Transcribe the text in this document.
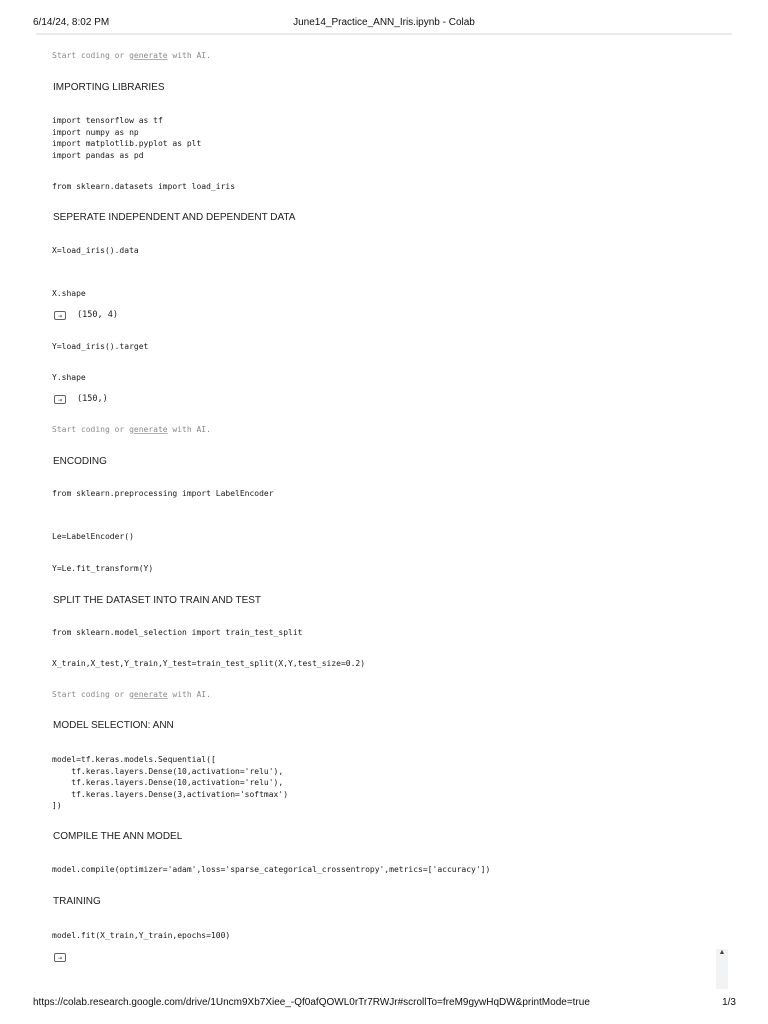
6/14/24, 8:02 PM	June14_Practice_ANN_Iris.ipynb - Colab
Start coding or generate with AI.
IMPORTING LIBRARIES
import tensorflow as tf
import numpy as np
import matplotlib.pyplot as plt
import pandas as pd
from sklearn.datasets import load_iris
SEPERATE INDEPENDENT AND DEPENDENT DATA
X=load_iris().data
X.shape
⇥	(150, 4)
Y=load_iris().target
Y.shape
⇥	(150,)
Start coding or generate with AI.
ENCODING
from sklearn.preprocessing import LabelEncoder
Le=LabelEncoder()
Y=Le.fit_transform(Y)
SPLIT THE DATASET INTO TRAIN AND TEST
from sklearn.model_selection import train_test_split
X_train,X_test,Y_train,Y_test=train_test_split(X,Y,test_size=0.2)
Start coding or generate with AI.
MODEL SELECTION: ANN
model=tf.keras.models.Sequential([
tf.keras.layers.Dense(10,activation='relu'),
tf.keras.layers.Dense(10,activation='relu'),
tf.keras.layers.Dense(3,activation='softmax')
])
COMPILE THE ANN MODEL
model.compile(optimizer='adam',loss='sparse_categorical_crossentropy',metrics=['accuracy'])
TRAINING
model.fit(X_train,Y_train,epochs=100)
⇥
▲
https://colab.research.google.com/drive/1Uncm9Xb7Xiee_-Qf0afQOWL0rTr7RWJr#scrollTo=freM9gywHqDW&printMode=true	1/3
